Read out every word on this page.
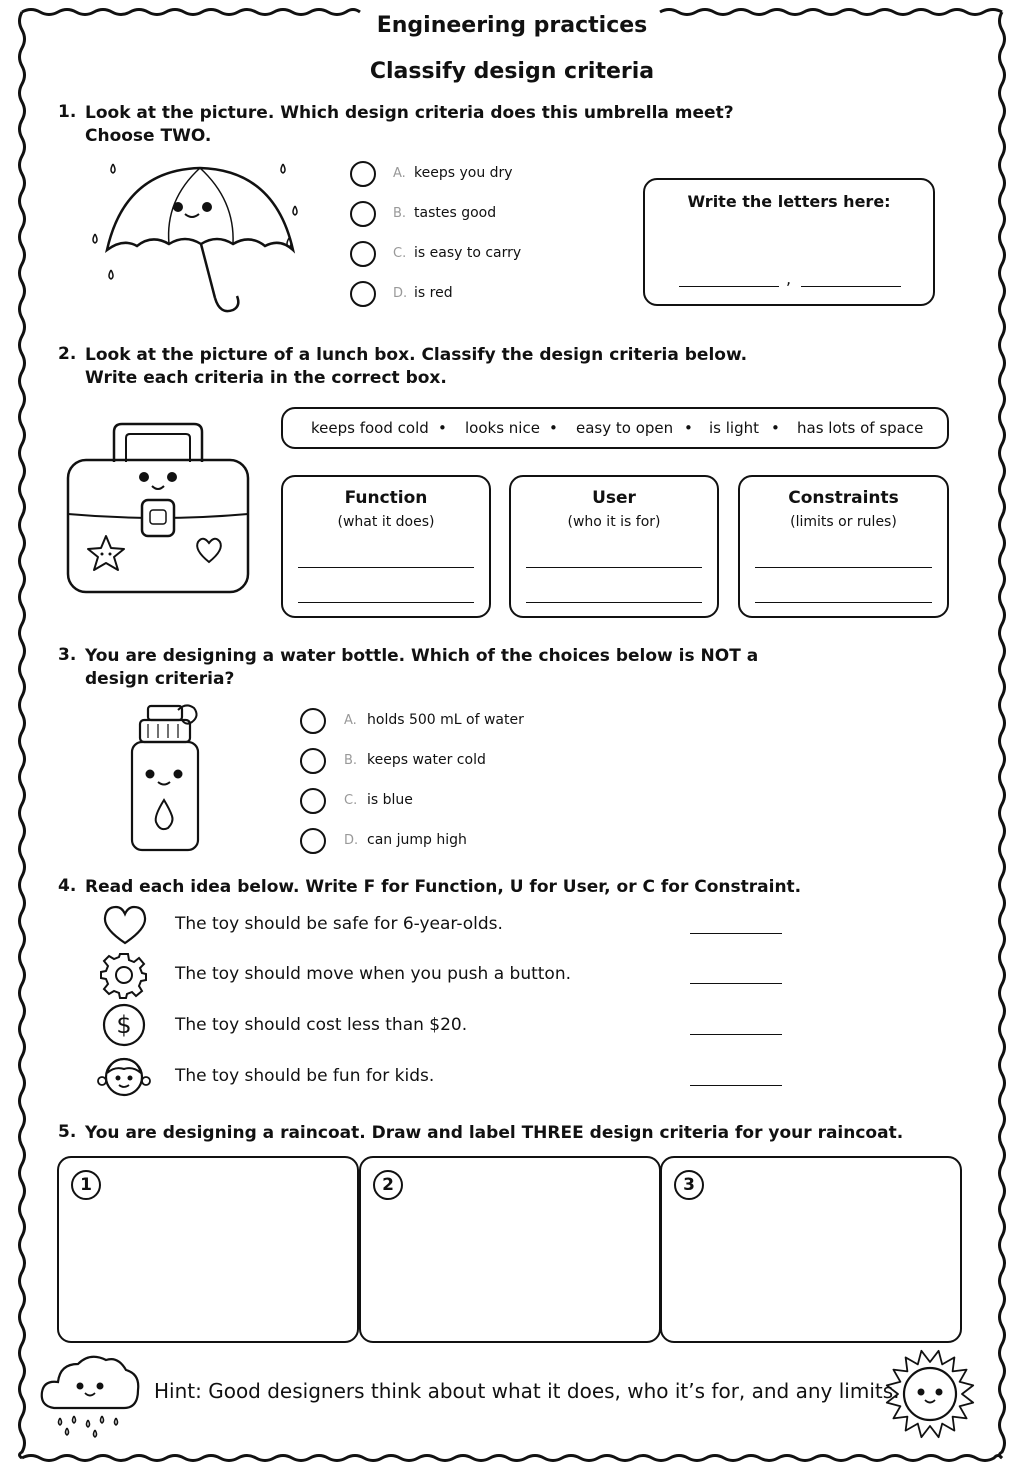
Engineering practices
Classify design criteria
1. Look at the picture. Which design criteria does this umbrella meet?
Choose TWO.
A. keeps you dry
B. tastes good
C. is easy to carry
D. is red
Write the letters here:
,
2. Look at the picture of a lunch box. Classify the design criteria below.
Write each criteria in the correct box.
keeps food cold • looks nice • easy to open • is light • has lots of space
Function
(what it does)
User
(who it is for)
Constraints
(limits or rules)
3. You are designing a water bottle. Which of the choices below is NOT a
design criteria?
A. holds 500 mL of water
B. keeps water cold
C. is blue
D. can jump high
4. Read each idea below. Write F for Function, U for User, or C for Constraint.
The toy should be safe for 6-year-olds.
The toy should move when you push a button.
$	The toy should cost less than $20.
The toy should be fun for kids.
5. You are designing a raincoat. Draw and label THREE design criteria for your raincoat.
1	2	3
Hint: Good designers think about what it does, who it’s for, and any limits.
